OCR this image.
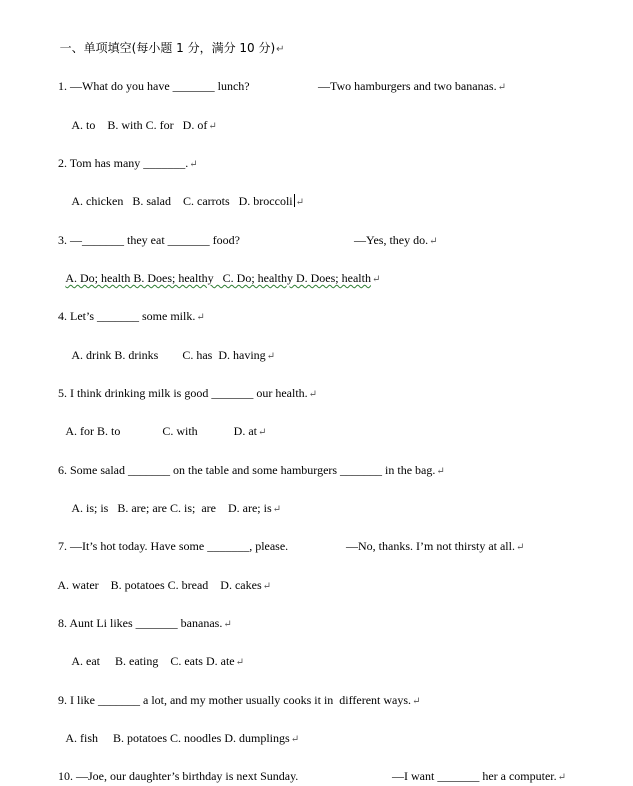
一、单项填空(每小题 1 分，满分 10 分)↵

1. —What do you have _______ lunch?	—Two hamburgers and two bananas.↵

A. to    B. with C. for   D. of↵

2. Tom has many _______.↵

A. chicken   B. salad    C. carrots   D. broccoli ↵

3. —_______ they eat _______ food?	—Yes, they do.↵

A. Do; health B. Does; healthy   C. Do; healthy D. Does; health↵

4. Let’s _______ some milk.↵

A. drink B. drinks        C. has  D. having↵

5. I think drinking milk is good _______ our health.↵

A. for B. to              C. with            D. at↵

6. Some salad _______ on the table and some hamburgers _______ in the bag.↵

A. is; is   B. are; are C. is;  are    D. are; is↵

7. —It’s hot today. Have some _______, please.	—No, thanks. I’m not thirsty at all.↵

A. water    B. potatoes C. bread    D. cakes↵

8. Aunt Li likes _______ bananas.↵

A. eat     B. eating    C. eats D. ate↵

9. I like _______ a lot, and my mother usually cooks it in  different ways.↵

A. fish     B. potatoes C. noodles D. dumplings↵

10. —Joe, our daughter’s birthday is next Sunday.	—I want _______ her a computer.↵
